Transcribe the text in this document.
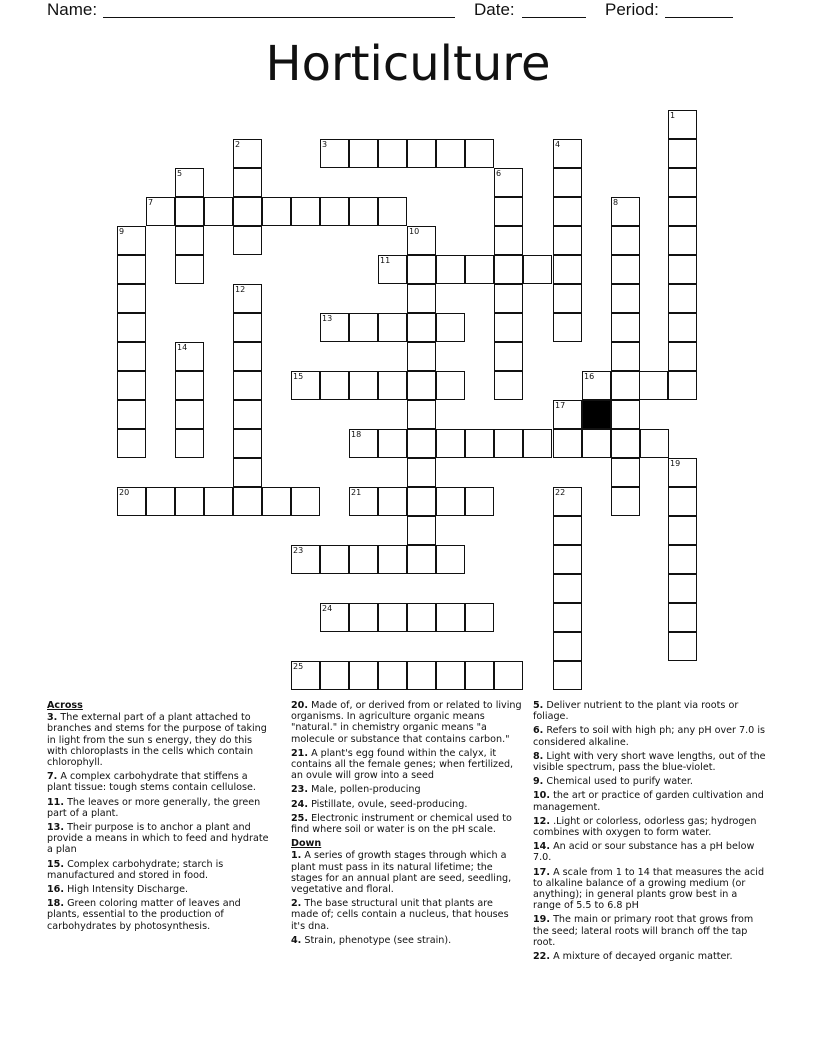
Name:	Date:	Period:
Horticulture
1
2	3	4
5	6
7	8
9	10
11
12
13
14
15	16
17
18
19
20	21	22
23
24
25
Across
3. The external part of a plant attached to branches and stems for the purpose of taking in light from the sun s energy, they do this with chloroplasts in the cells which contain chlorophyll.
7. A complex carbohydrate that stiffens a plant tissue: tough stems contain cellulose.
11. The leaves or more generally, the green part of a plant.
13. Their purpose is to anchor a plant and provide a means in which to feed and hydrate a plan
15. Complex carbohydrate; starch is manufactured and stored in food.
16. High Intensity Discharge.
18. Green coloring matter of leaves and plants, essential to the production of carbohydrates by photosynthesis.
20. Made of, or derived from or related to living organisms. In agriculture organic means "natural." in chemistry organic means "a molecule or substance that contains carbon."
21. A plant's egg found within the calyx, it contains all the female genes; when fertilized, an ovule will grow into a seed
23. Male, pollen-producing
24. Pistillate, ovule, seed-producing.
25. Electronic instrument or chemical used to find where soil or water is on the pH scale.
Down
1. A series of growth stages through which a plant must pass in its natural lifetime; the stages for an annual plant are seed, seedling, vegetative and floral.
2. The base structural unit that plants are made of; cells contain a nucleus, that houses it's dna.
4. Strain, phenotype (see strain).
5. Deliver nutrient to the plant via roots or foliage.
6. Refers to soil with high ph; any pH over 7.0 is considered alkaline.
8. Light with very short wave lengths, out of the visible spectrum, pass the blue-violet.
9. Chemical used to purify water.
10. the art or practice of garden cultivation and management.
12. .Light or colorless, odorless gas; hydrogen combines with oxygen to form water.
14. An acid or sour substance has a pH below 7.0.
17. A scale from 1 to 14 that measures the acid to alkaline balance of a growing medium (or anything); in general plants grow best in a range of 5.5 to 6.8 pH
19. The main or primary root that grows from the seed; lateral roots will branch off the tap root.
22. A mixture of decayed organic matter.
